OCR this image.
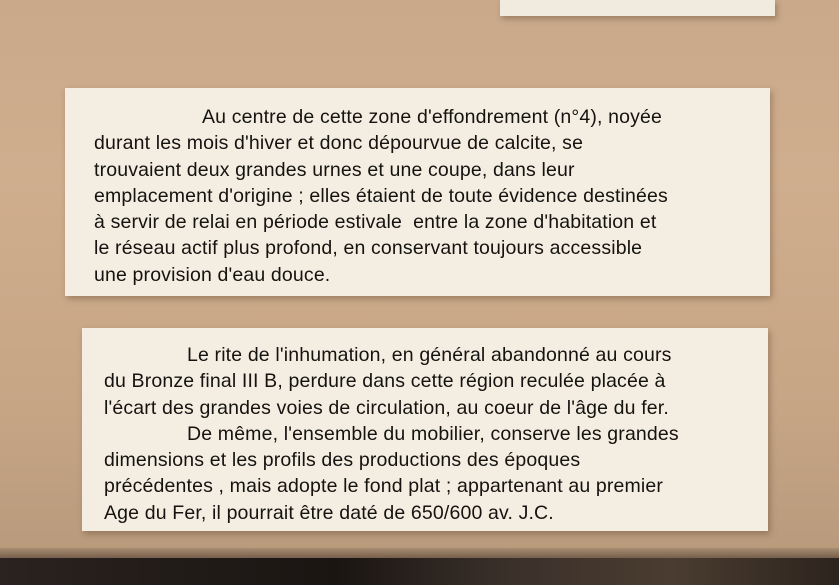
Au centre de cette zone d'effondrement (n°4), noyée
durant les mois d'hiver et donc dépourvue de calcite, se
trouvaient deux grandes urnes et une coupe, dans leur
emplacement d'origine ; elles étaient de toute évidence destinées
à servir de relai en période estivale  entre la zone d'habitation et
le réseau actif plus profond, en conservant toujours accessible
une provision d'eau douce.

Le rite de l'inhumation, en général abandonné au cours
du Bronze final III B, perdure dans cette région reculée placée à
l'écart des grandes voies de circulation, au coeur de l'âge du fer.
De même, l'ensemble du mobilier, conserve les grandes
dimensions et les profils des productions des époques
précédentes , mais adopte le fond plat ; appartenant au premier
Age du Fer, il pourrait être daté de 650/600 av. J.C.
